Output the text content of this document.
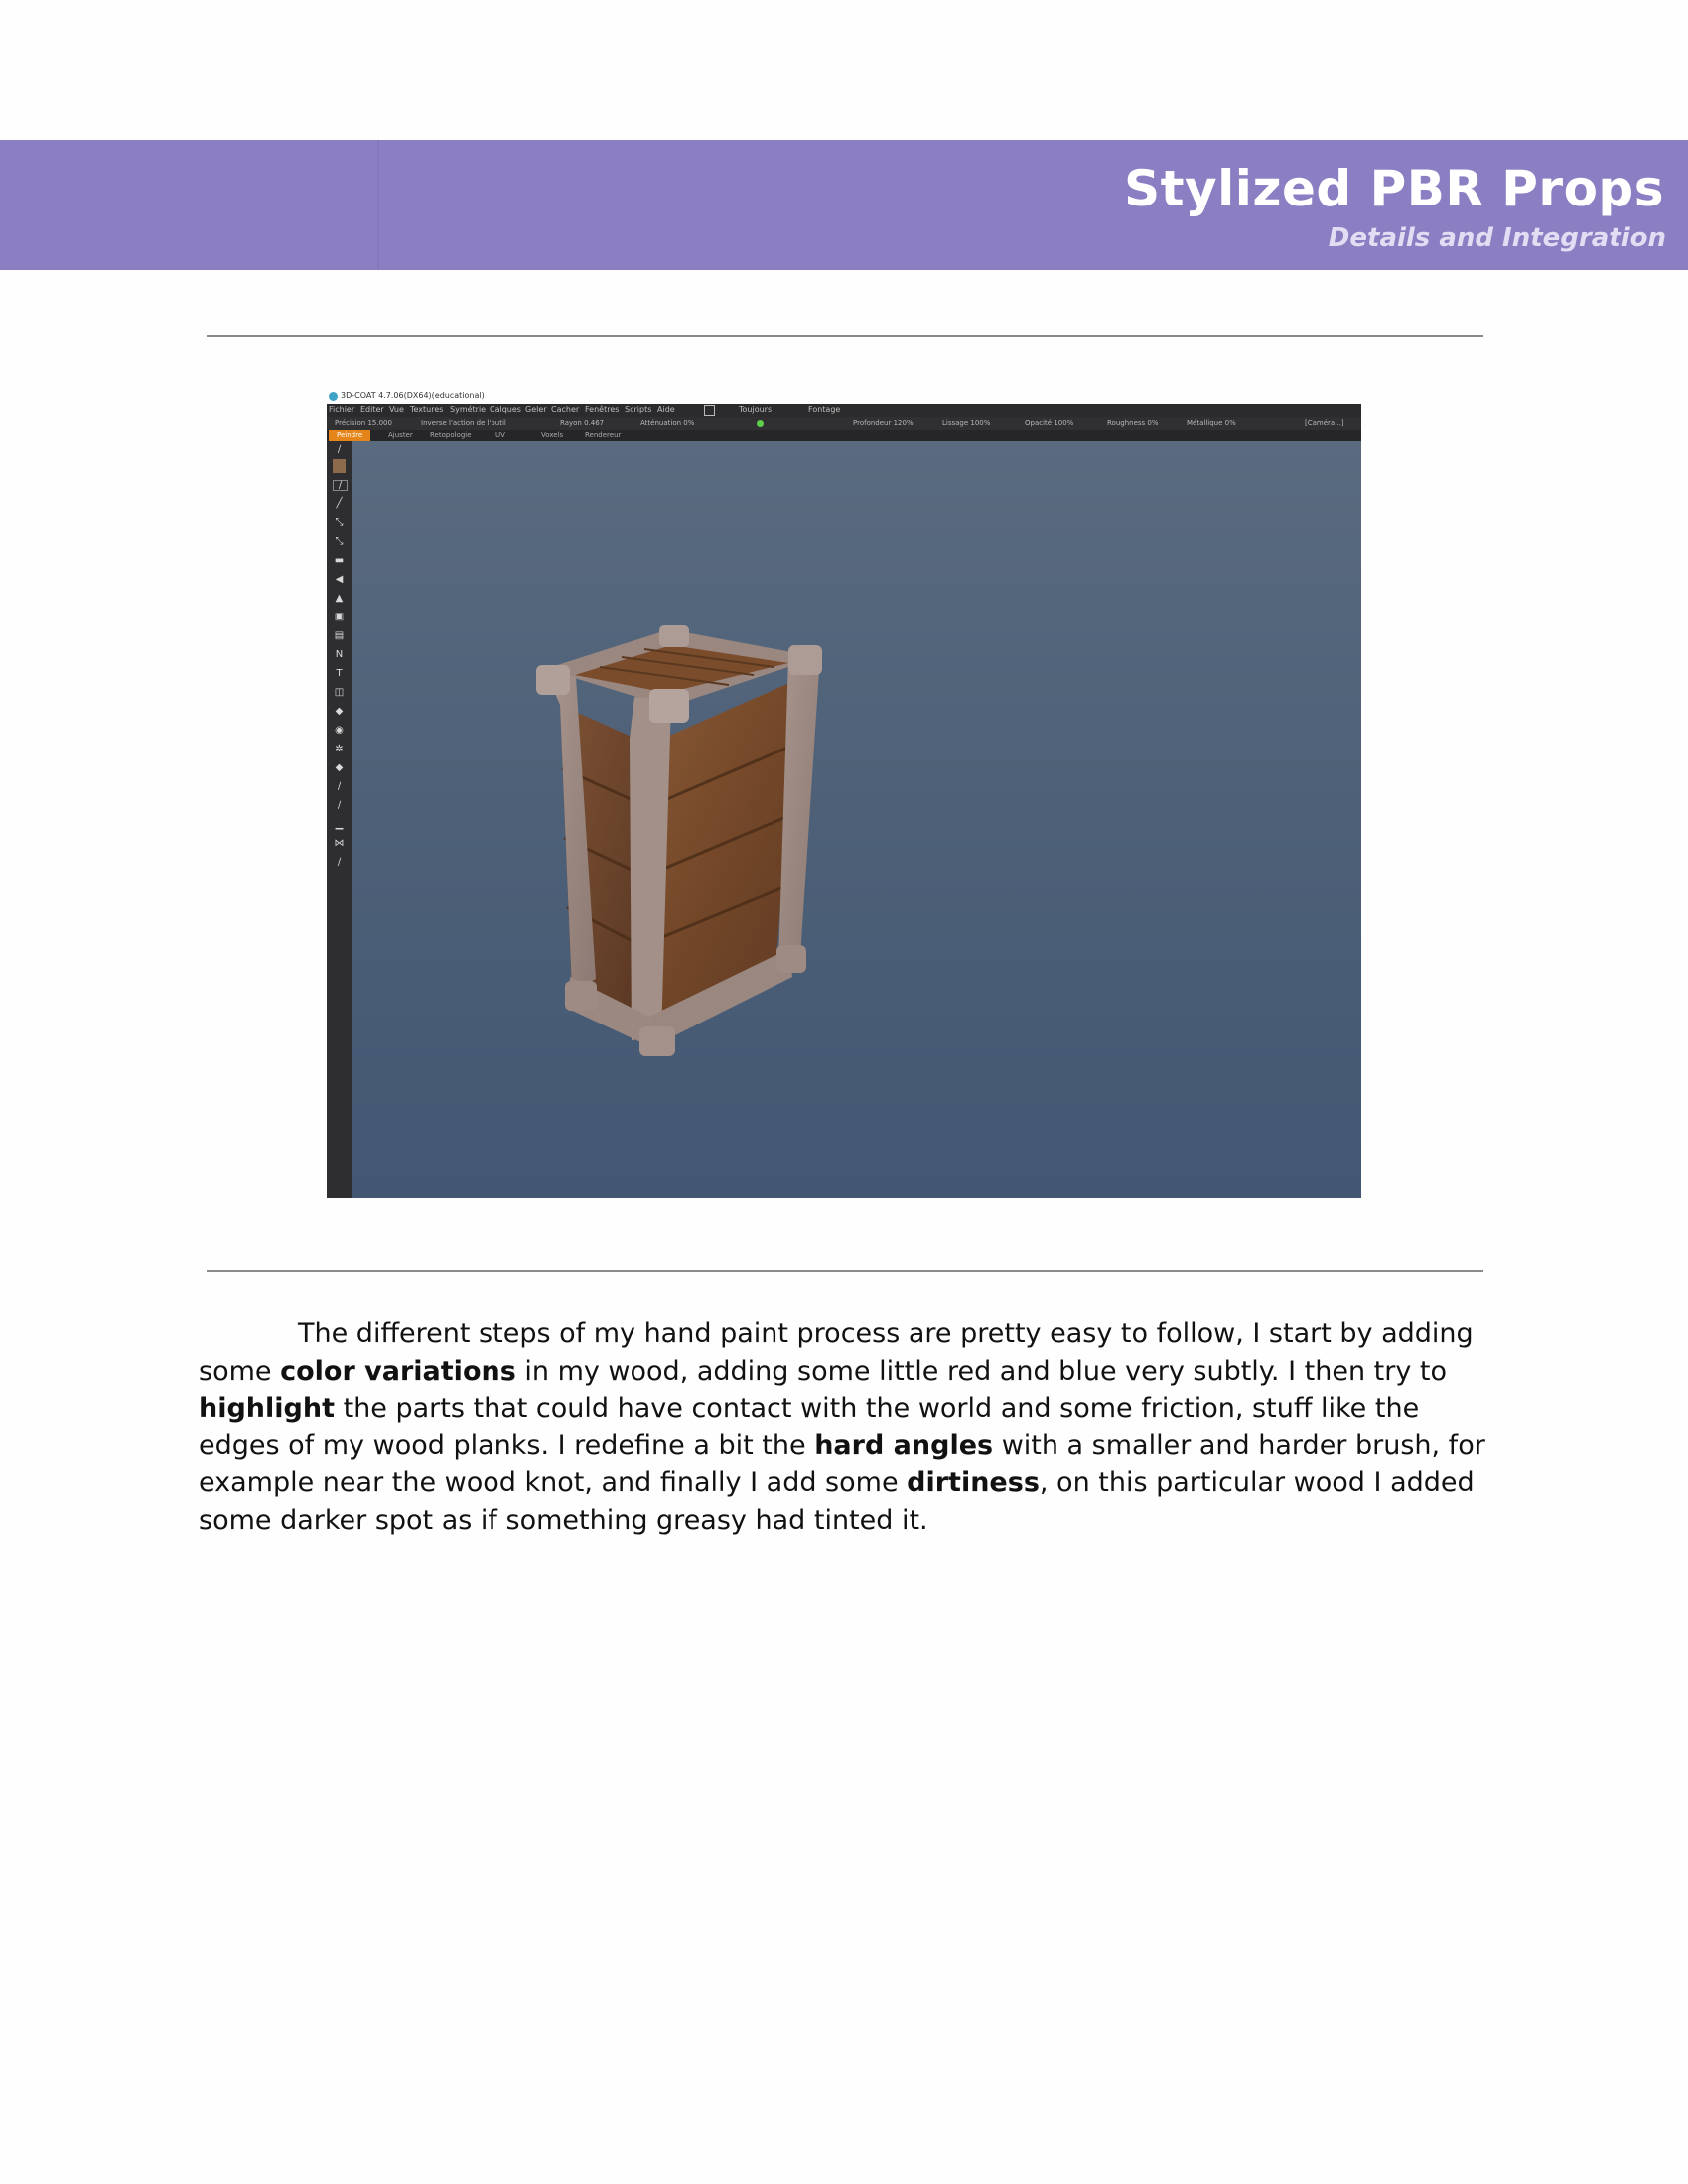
Stylized PBR Props
Details and Integration
3D-COAT 4.7.06(DX64)(educational)
Fichier Editer Vue Textures Symétrie Calques Geler Cacher Fenêtres Scripts Aide	Toujours	Fontage
Précision 15.000	Inverse l'action de l'outil	Rayon 0.467	Atténuation 0%	Profondeur 120%	Lissage 100%	Opacité 100%	Roughness 0%	Métallique 0%	[Caméra...]
Peindre	Ajuster Retopologie	UV	Voxels	Rendereur
∕
∕
╱
⤡
⤡
▬
◀
▲
▣
▤
N
T
◫
◆
◉
✲
◆
∕
∕
▁
⋈
∕

The different steps of my hand paint process are pretty easy to follow, I start by adding some color variations in my wood, adding some little red and blue very subtly. I then try to highlight the parts that could have contact with the world and some friction, stuff like the edges of my wood planks. I redefine a bit the hard angles with a smaller and harder brush, for example near the wood knot, and finally I add some dirtiness, on this particular wood I added some darker spot as if something greasy had tinted it.
